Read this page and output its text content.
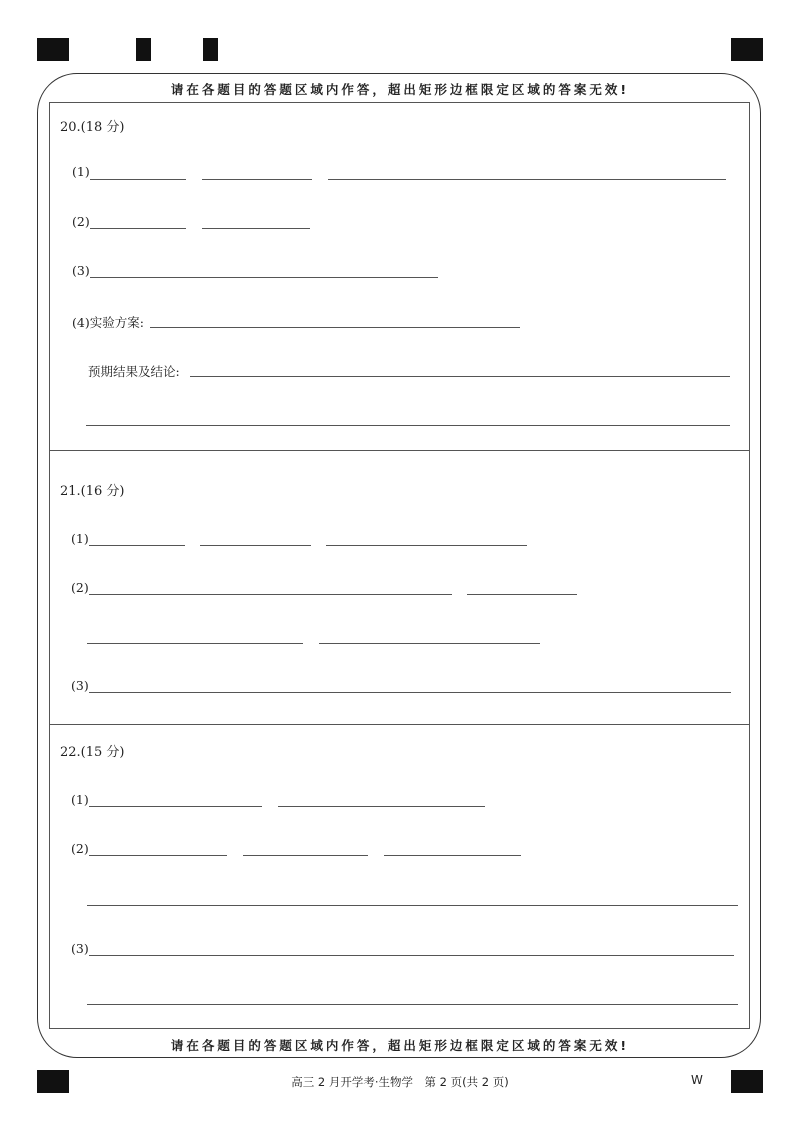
请在各题目的答题区域内作答，超出矩形边框限定区域的答案无效!
请在各题目的答题区域内作答，超出矩形边框限定区域的答案无效!
20.(18 分)
(1)
(2)
(3)
(4)实验方案:
预期结果及结论:
21.(16 分)
(1)
(2)
(3)
22.(15 分)
(1)
(2)
(3)
高三 2 月开学考·生物学　第 2 页(共 2 页)	W
